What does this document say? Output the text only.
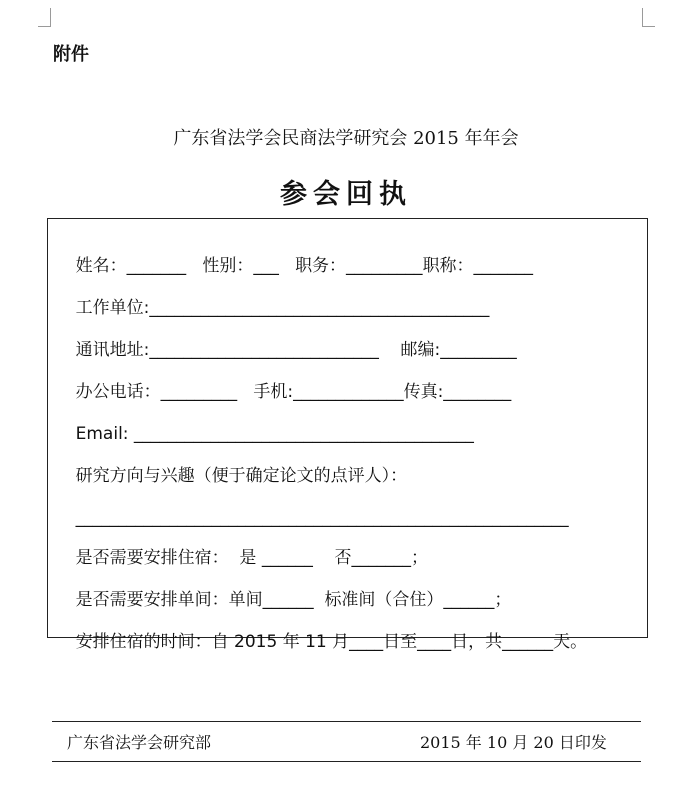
附件
广东省法学会民商法学研究会 2015 年年会
参会回执

姓名：_______ 性别：___ 职务：_________职称：_______

工作单位:________________________________________

通讯地址:___________________________ 邮编:_________

办公电话：_________ 手机:_____________传真:________

Email: ________________________________________

研究方向与兴趣（便于确定论文的点评人）：

__________________________________________________________

是否需要安排住宿：  是 ______ 否_______；

是否需要安排单间：单间______ 标准间（合住）______；

安排住宿的时间：自 2015 年 11 月____日至____日，共______天。

广东省法学会研究部	2015 年 10 月 20 日印发
